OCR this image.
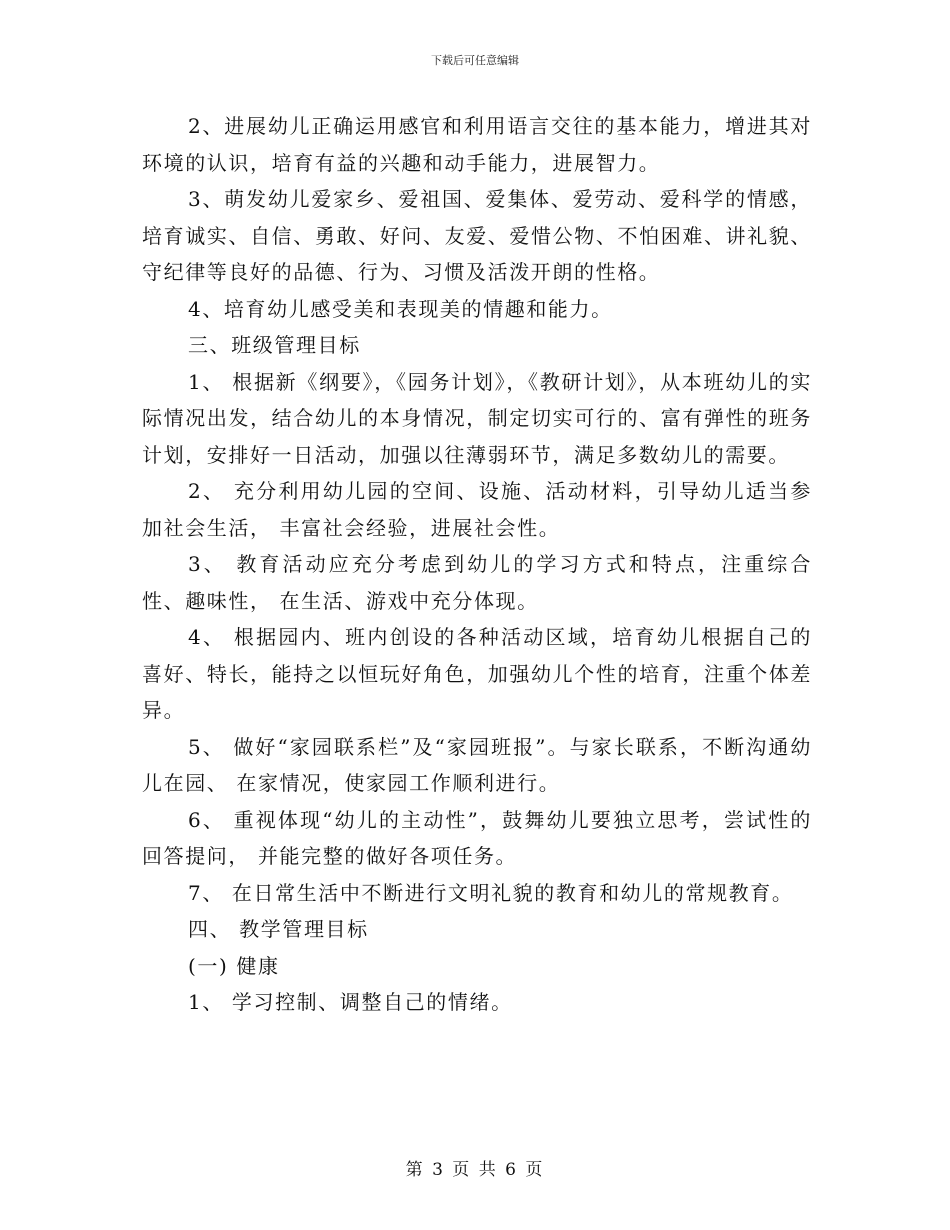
下载后可任意编辑

2、进展幼儿正确运用感官和利用语言交往的基本能力，增进其对环境的认识，培育有益的兴趣和动手能力，进展智力。

3、萌发幼儿爱家乡、爱祖国、爱集体、爱劳动、爱科学的情感，培育诚实、自信、勇敢、好问、友爱、爱惜公物、不怕困难、讲礼貌、守纪律等良好的品德、行为、习惯及活泼开朗的性格。

4、培育幼儿感受美和表现美的情趣和能力。

三、班级管理目标

1、 根据新《纲要》，《园务计划》，《教研计划》，从本班幼儿的实际情况出发，结合幼儿的本身情况，制定切实可行的、富有弹性的班务计划，安排好一日活动，加强以往薄弱环节，满足多数幼儿的需要。

2、 充分利用幼儿园的空间、设施、活动材料，引导幼儿适当参加社会生活， 丰富社会经验，进展社会性。

3、 教育活动应充分考虑到幼儿的学习方式和特点，注重综合性、趣味性， 在生活、游戏中充分体现。

4、 根据园内、班内创设的各种活动区域，培育幼儿根据自己的喜好、特长，能持之以恒玩好角色，加强幼儿个性的培育，注重个体差异。

5、 做好“家园联系栏”及“家园班报”。与家长联系，不断沟通幼儿在园、 在家情况，使家园工作顺利进行。

6、 重视体现“幼儿的主动性”，鼓舞幼儿要独立思考，尝试性的回答提问， 并能完整的做好各项任务。

7、 在日常生活中不断进行文明礼貌的教育和幼儿的常规教育。

四、 教学管理目标

(一) 健康

1、 学习控制、调整自己的情绪。

第 3 页 共 6 页
